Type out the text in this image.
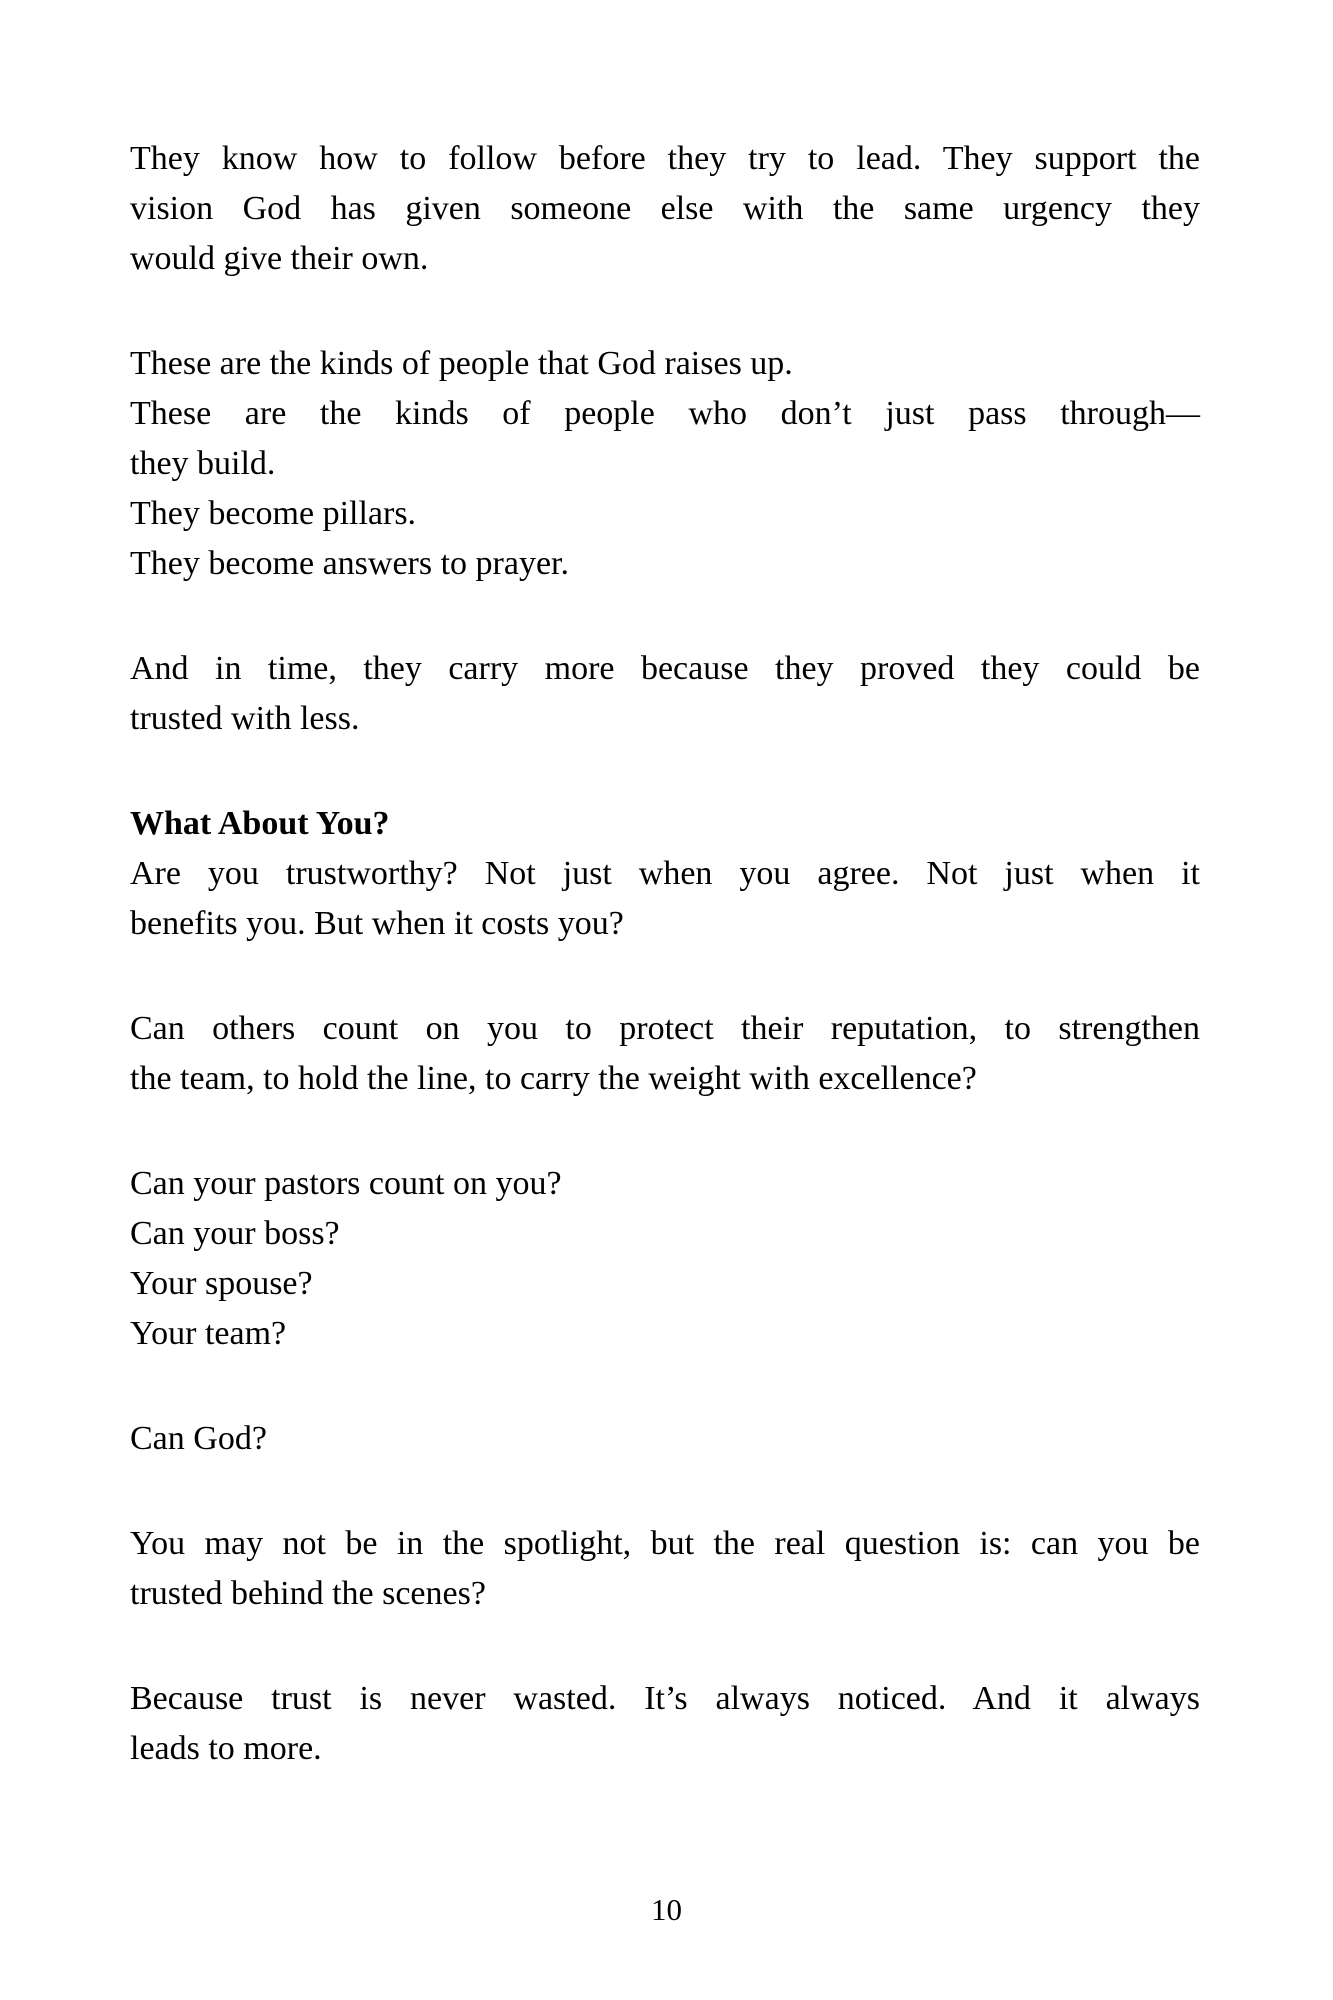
They know how to follow before they try to lead. They support the
vision God has given someone else with the same urgency they
would give their own.
These are the kinds of people that God raises up.
These are the kinds of people who don’t just pass through—
they build.
They become pillars.
They become answers to prayer.
And in time, they carry more because they proved they could be
trusted with less.
What About You?
Are you trustworthy? Not just when you agree. Not just when it
benefits you. But when it costs you?
Can others count on you to protect their reputation, to strengthen
the team, to hold the line, to carry the weight with excellence?
Can your pastors count on you?
Can your boss?
Your spouse?
Your team?
Can God?
You may not be in the spotlight, but the real question is: can you be
trusted behind the scenes?
Because trust is never wasted. It’s always noticed. And it always
leads to more.
10
